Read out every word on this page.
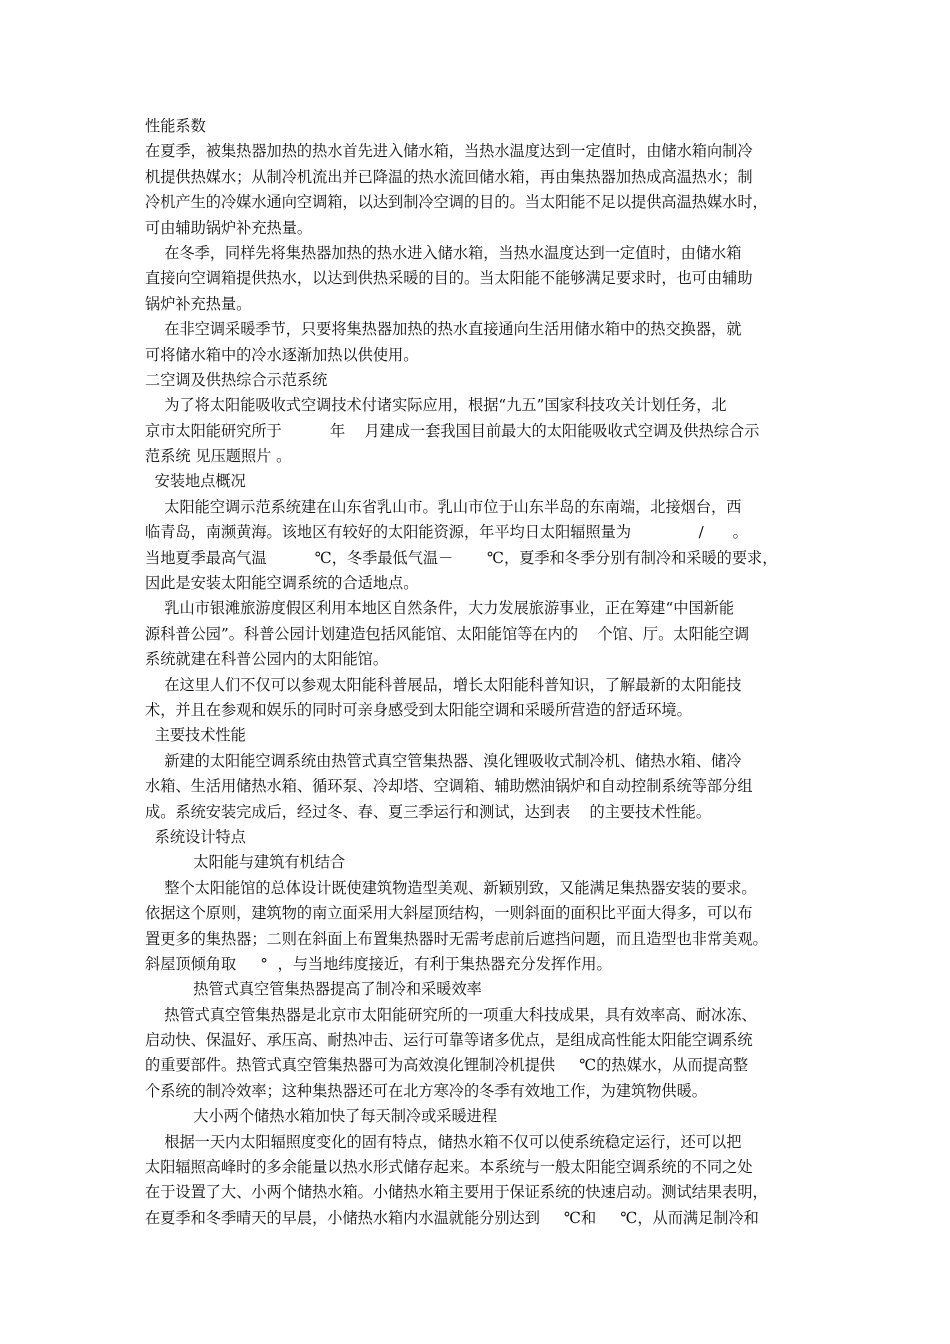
性能系数
在夏季，被集热器加热的热水首先进入储水箱，当热水温度达到一定值时，由储水箱向制冷
机提供热媒水；从制冷机流出并已降温的热水流回储水箱，再由集热器加热成高温热水；制
冷机产生的冷媒水通向空调箱，以达到制冷空调的目的。当太阳能不足以提供高温热媒水时，
可由辅助锅炉补充热量。
在冬季，同样先将集热器加热的热水进入储水箱，当热水温度达到一定值时，由储水箱
直接向空调箱提供热水，以达到供热采暖的目的。当太阳能不能够满足要求时，也可由辅助
锅炉补充热量。
在非空调采暖季节，只要将集热器加热的热水直接通向生活用储水箱中的热交换器，就
可将储水箱中的冷水逐渐加热以供使用。
二空调及供热综合示范系统
为了将太阳能吸收式空调技术付诸实际应用，根据“九五”国家科技攻关计划任务，北
京市太阳能研究所于          年    月建成一套我国目前最大的太阳能吸收式空调及供热综合示
范系统 见压题照片 。
安装地点概况
太阳能空调示范系统建在山东省乳山市。乳山市位于山东半岛的东南端，北接烟台，西
临青岛，南濒黄海。该地区有较好的太阳能资源，年平均日太阳辐照量为              /      。
当地夏季最高气温          ℃，冬季最低气温－       ℃，夏季和冬季分别有制冷和采暖的要求，
因此是安装太阳能空调系统的合适地点。
乳山市银滩旅游度假区利用本地区自然条件，大力发展旅游事业，正在筹建“中国新能
源科普公园”。科普公园计划建造包括风能馆、太阳能馆等在内的    个馆、厅。太阳能空调
系统就建在科普公园内的太阳能馆。
在这里人们不仅可以参观太阳能科普展品，增长太阳能科普知识，了解最新的太阳能技
术，并且在参观和娱乐的同时可亲身感受到太阳能空调和采暖所营造的舒适环境。
主要技术性能
新建的太阳能空调系统由热管式真空管集热器、溴化锂吸收式制冷机、储热水箱、储冷
水箱、生活用储热水箱、循环泵、冷却塔、空调箱、辅助燃油锅炉和自动控制系统等部分组
成。系统安装完成后，经过冬、春、夏三季运行和测试，达到表    的主要技术性能。
系统设计特点
太阳能与建筑有机结合
整个太阳能馆的总体设计既使建筑物造型美观、新颖别致，又能满足集热器安装的要求。
依据这个原则，建筑物的南立面采用大斜屋顶结构，一则斜面的面积比平面大得多，可以布
置更多的集热器；二则在斜面上布置集热器时无需考虑前后遮挡问题，而且造型也非常美观。
斜屋顶倾角取     °  ，与当地纬度接近，有利于集热器充分发挥作用。
热管式真空管集热器提高了制冷和采暖效率
热管式真空管集热器是北京市太阳能研究所的一项重大科技成果，具有效率高、耐冰冻、
启动快、保温好、承压高、耐热冲击、运行可靠等诸多优点，是组成高性能太阳能空调系统
的重要部件。热管式真空管集热器可为高效溴化锂制冷机提供     ℃的热媒水，从而提高整
个系统的制冷效率；这种集热器还可在北方寒冷的冬季有效地工作，为建筑物供暖。
大小两个储热水箱加快了每天制冷或采暖进程
根据一天内太阳辐照度变化的固有特点，储热水箱不仅可以使系统稳定运行，还可以把
太阳辐照高峰时的多余能量以热水形式储存起来。本系统与一般太阳能空调系统的不同之处
在于设置了大、小两个储热水箱。小储热水箱主要用于保证系统的快速启动。测试结果表明，
在夏季和冬季晴天的早晨，小储热水箱内水温就能分别达到     ℃和     ℃，从而满足制冷和
